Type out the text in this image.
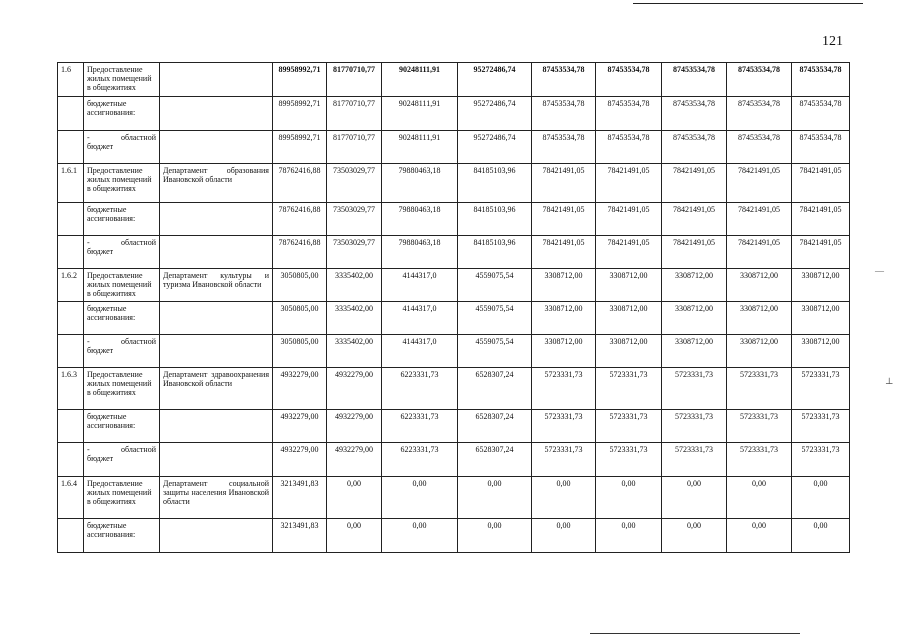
121
––
⊥
1.6	Предоставление жилых помещений в общежитиях		89958992,71	81770710,77	90248111,91	95272486,74	87453534,78	87453534,78	87453534,78	87453534,78	87453534,78
	бюджетные ассигнования:		89958992,71	81770710,77	90248111,91	95272486,74	87453534,78	87453534,78	87453534,78	87453534,78	87453534,78

	- областной
бюджет		89958992,71	81770710,77	90248111,91	95272486,74	87453534,78	87453534,78	87453534,78	87453534,78	87453534,78
1.6.1	Предоставление жилых помещений в общежитиях	Департамент образования Ивановской области	78762416,88	73503029,77	79880463,18	84185103,96	78421491,05	78421491,05	78421491,05	78421491,05	78421491,05
	бюджетные ассигнования:		78762416,88	73503029,77	79880463,18	84185103,96	78421491,05	78421491,05	78421491,05	78421491,05	78421491,05

	- областной
бюджет		78762416,88	73503029,77	79880463,18	84185103,96	78421491,05	78421491,05	78421491,05	78421491,05	78421491,05
1.6.2	Предоставление жилых помещений в общежитиях	Департамент культуры и туризма Ивановской области	3050805,00	3335402,00	4144317,0	4559075,54	3308712,00	3308712,00	3308712,00	3308712,00	3308712,00
	бюджетные ассигнования:		3050805,00	3335402,00	4144317,0	4559075,54	3308712,00	3308712,00	3308712,00	3308712,00	3308712,00

	- областной
бюджет		3050805,00	3335402,00	4144317,0	4559075,54	3308712,00	3308712,00	3308712,00	3308712,00	3308712,00
1.6.3	Предоставление жилых помещений в общежитиях	Департамент здравоохранения Ивановской области	4932279,00	4932279,00	6223331,73	6528307,24	5723331,73	5723331,73	5723331,73	5723331,73	5723331,73
	бюджетные ассигнования:		4932279,00	4932279,00	6223331,73	6528307,24	5723331,73	5723331,73	5723331,73	5723331,73	5723331,73

	- областной
бюджет		4932279,00	4932279,00	6223331,73	6528307,24	5723331,73	5723331,73	5723331,73	5723331,73	5723331,73
1.6.4	Предоставление жилых помещений в общежитиях	Департамент социальной защиты населения Ивановской области	3213491,83	0,00	0,00	0,00	0,00	0,00	0,00	0,00	0,00
	бюджетные ассигнования:		3213491,83	0,00	0,00	0,00	0,00	0,00	0,00	0,00	0,00
